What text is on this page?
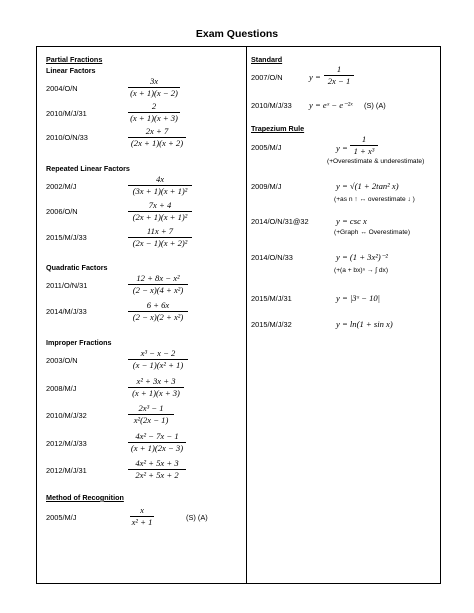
Exam Questions
Partial Fractions
Linear Factors
2004/O/N
3x
(x + 1)(x − 2)
2010/M/J/31
2
(x + 1)(x + 3)
2010/O/N/33
2x + 7
(2x + 1)(x + 2)
Repeated Linear Factors
2002/M/J
4x
(3x + 1)(x + 1)²
2006/O/N
7x + 4
(2x + 1)(x + 1)²
2015/M/J/33
11x + 7
(2x − 1)(x + 2)²
Quadratic Factors
2011/O/N/31
12 + 8x − x²
(2 − x)(4 + x²)
2014/M/J/33
6 + 6x
(2 − x)(2 + x²)
Improper Fractions
2003/O/N
x³ − x − 2
(x − 1)(x² + 1)
2008/M/J
x² + 3x + 3
(x + 1)(x + 3)
2010/M/J/32
2x³ − 1
x²(2x − 1)
2012/M/J/33
4x² − 7x − 1
(x + 1)(2x − 3)
2012/M/J/31
4x² + 5x + 3
2x² + 5x + 2
Method of Recognition
2005/M/J
x
x² + 1	(S) (A)
Standard
2007/O/N	y =
1
2x − 1
2010/M/J/33 y = eˣ − e⁻²ˣ (S) (A)
Trapezium Rule
2005/M/J	y =
1
1 + x³
(+Overestimate & underestimate)
2009/M/J	y = √(1 + 2tan² x)
(+as n ↑ ↔ overestimate ↓ )
2014/O/N/31@32	y = csc x
(+Graph ↔ Overestimate)
2014/O/N/33	y = (1 + 3x²)⁻²
(+(a + bx)ⁿ → ∫ dx)
2015/M/J/31	y = |3ˣ − 10|
2015/M/J/32	y = ln(1 + sin x)
